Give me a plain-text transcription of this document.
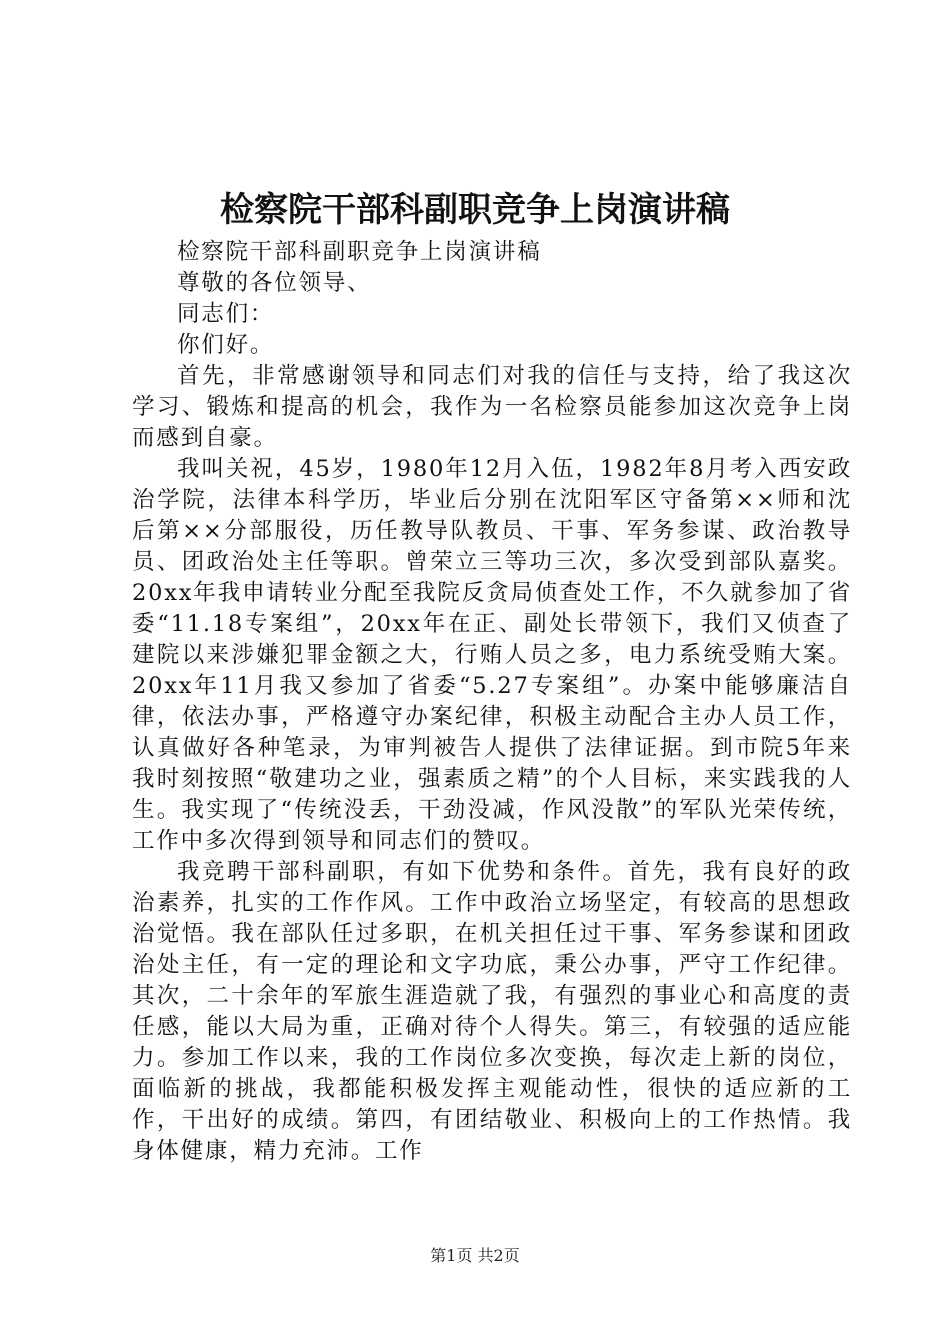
检察院干部科副职竞争上岗演讲稿

检察院干部科副职竞争上岗演讲稿

尊敬的各位领导、

同志们：

你们好。

首先，非常感谢领导和同志们对我的信任与支持，给了我这次学习、锻炼和提高的机会，我作为一名检察员能参加这次竞争上岗而感到自豪。

我叫关祝，45岁，1980年12月入伍，1982年8月考入西安政治学院，法律本科学历，毕业后分别在沈阳军区守备第××师和沈后第××分部服役，历任教导队教员、干事、军务参谋、政治教导员、团政治处主任等职。曾荣立三等功三次，多次受到部队嘉奖。20xx年我申请转业分配至我院反贪局侦查处工作，不久就参加了省委“11.18专案组”，20xx年在正、副处长带领下，我们又侦查了建院以来涉嫌犯罪金额之大，行贿人员之多，电力系统受贿大案。20xx年11月我又参加了省委“5.27专案组”。办案中能够廉洁自律，依法办事，严格遵守办案纪律，积极主动配合主办人员工作，认真做好各种笔录，为审判被告人提供了法律证据。到市院5年来我时刻按照“敬建功之业，强素质之精”的个人目标，来实践我的人生。我实现了“传统没丢，干劲没减，作风没散”的军队光荣传统，工作中多次得到领导和同志们的赞叹。

我竞聘干部科副职，有如下优势和条件。首先，我有良好的政治素养，扎实的工作作风。工作中政治立场坚定，有较高的思想政治觉悟。我在部队任过多职，在机关担任过干事、军务参谋和团政治处主任，有一定的理论和文字功底，秉公办事，严守工作纪律。其次，二十余年的军旅生涯造就了我，有强烈的事业心和高度的责任感，能以大局为重，正确对待个人得失。第三，有较强的适应能力。参加工作以来，我的工作岗位多次变换，每次走上新的岗位，面临新的挑战，我都能积极发挥主观能动性，很快的适应新的工作，干出好的成绩。第四，有团结敬业、积极向上的工作热情。我身体健康，精力充沛。工作

第1页 共2页
